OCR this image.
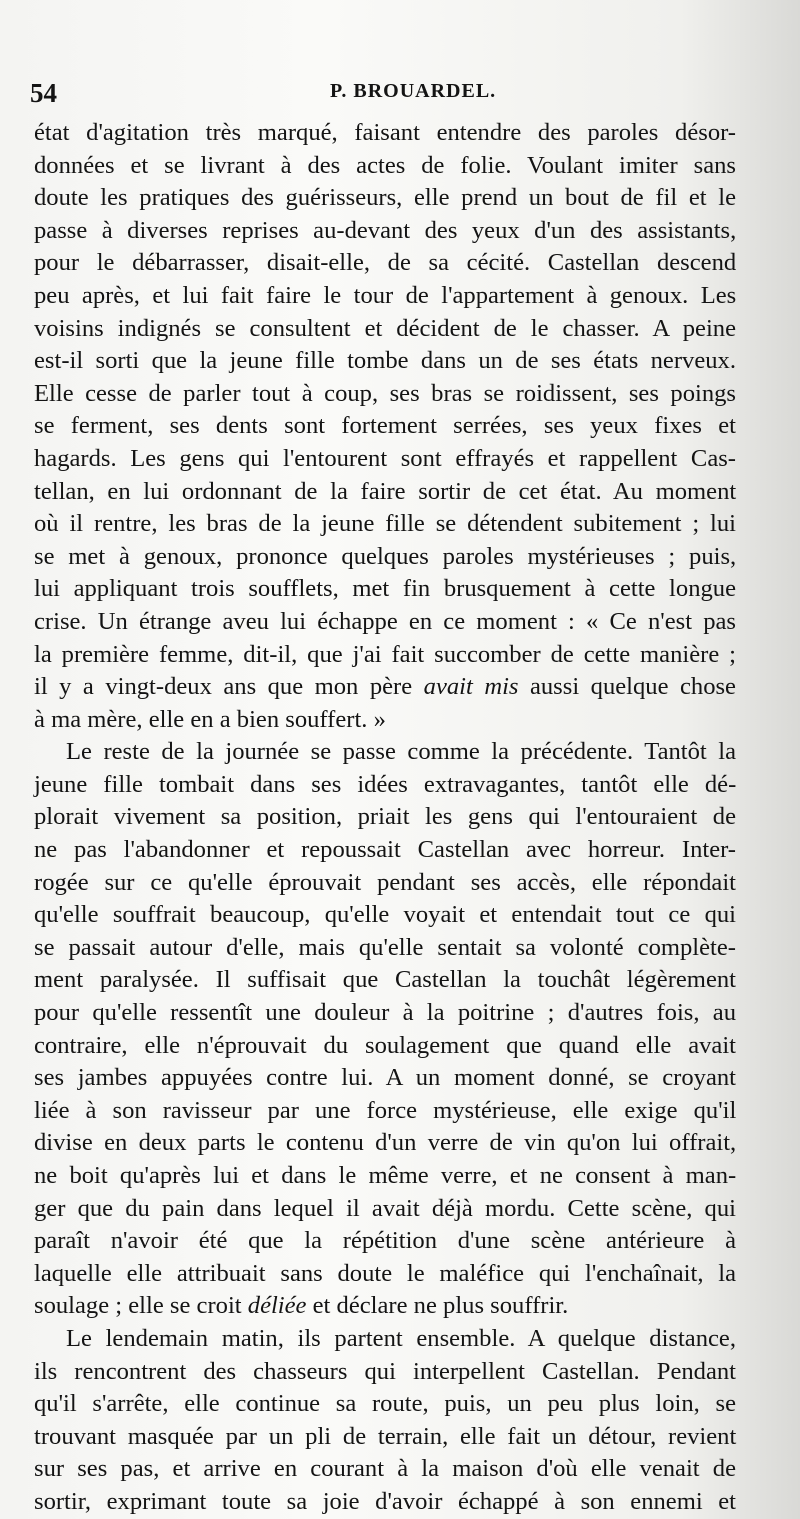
54	P. BROUARDEL.
état d'agitation très marqué, faisant entendre des paroles désor-
données et se livrant à des actes de folie. Voulant imiter sans
doute les pratiques des guérisseurs, elle prend un bout de fil et le
passe à diverses reprises au-devant des yeux d'un des assistants,
pour le débarrasser, disait-elle, de sa cécité. Castellan descend
peu après, et lui fait faire le tour de l'appartement à genoux. Les
voisins indignés se consultent et décident de le chasser. A peine
est-il sorti que la jeune fille tombe dans un de ses états nerveux.
Elle cesse de parler tout à coup, ses bras se roidissent, ses poings
se ferment, ses dents sont fortement serrées, ses yeux fixes et
hagards. Les gens qui l'entourent sont effrayés et rappellent Cas-
tellan, en lui ordonnant de la faire sortir de cet état. Au moment
où il rentre, les bras de la jeune fille se détendent subitement ; lui
se met à genoux, prononce quelques paroles mystérieuses ; puis,
lui appliquant trois soufflets, met fin brusquement à cette longue
crise. Un étrange aveu lui échappe en ce moment : « Ce n'est pas
la première femme, dit-il, que j'ai fait succomber de cette manière ;
il y a vingt-deux ans que mon père avait mis aussi quelque chose
à ma mère, elle en a bien souffert. »
Le reste de la journée se passe comme la précédente. Tantôt la
jeune fille tombait dans ses idées extravagantes, tantôt elle dé-
plorait vivement sa position, priait les gens qui l'entouraient de
ne pas l'abandonner et repoussait Castellan avec horreur. Inter-
rogée sur ce qu'elle éprouvait pendant ses accès, elle répondait
qu'elle souffrait beaucoup, qu'elle voyait et entendait tout ce qui
se passait autour d'elle, mais qu'elle sentait sa volonté complète-
ment paralysée. Il suffisait que Castellan la touchât légèrement
pour qu'elle ressentît une douleur à la poitrine ; d'autres fois, au
contraire, elle n'éprouvait du soulagement que quand elle avait
ses jambes appuyées contre lui. A un moment donné, se croyant
liée à son ravisseur par une force mystérieuse, elle exige qu'il
divise en deux parts le contenu d'un verre de vin qu'on lui offrait,
ne boit qu'après lui et dans le même verre, et ne consent à man-
ger que du pain dans lequel il avait déjà mordu. Cette scène, qui
paraît n'avoir été que la répétition d'une scène antérieure à
laquelle elle attribuait sans doute le maléfice qui l'enchaînait, la
soulage ; elle se croit déliée et déclare ne plus souffrir.
Le lendemain matin, ils partent ensemble. A quelque distance,
ils rencontrent des chasseurs qui interpellent Castellan. Pendant
qu'il s'arrête, elle continue sa route, puis, un peu plus loin, se
trouvant masquée par un pli de terrain, elle fait un détour, revient
sur ses pas, et arrive en courant à la maison d'où elle venait de
sortir, exprimant toute sa joie d'avoir échappé à son ennemi et
